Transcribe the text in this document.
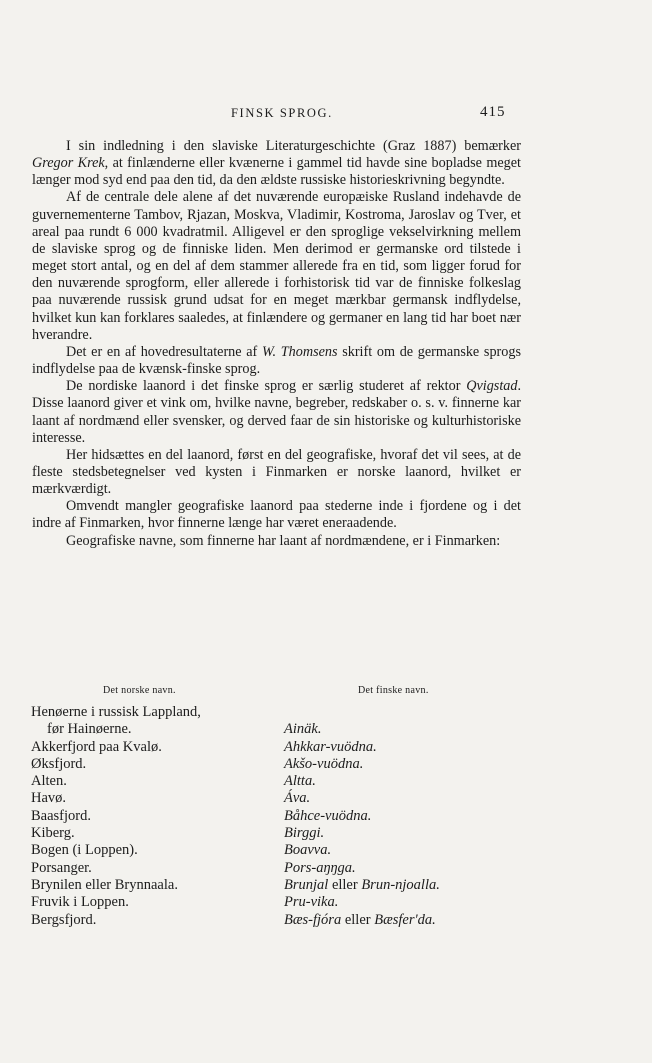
FINSK SPROG.	415

I sin indledning i den slaviske Literaturgeschichte (Graz 1887) bemærker Gregor Krek, at finlænderne eller kvænerne i gammel tid havde sine bopladse meget længer mod syd end paa den tid, da den ældste russiske historieskrivning begyndte.

Af de centrale dele alene af det nuværende europæiske Rusland indehavde de guvernementerne Tambov, Rjazan, Moskva, Vladimir, Kostroma, Jaroslav og Tver, et areal paa rundt 6 000 kvadratmil. Alligevel er den sproglige vekselvirkning mellem de slaviske sprog og de finniske liden. Men derimod er germanske ord tilstede i meget stort antal, og en del af dem stammer allerede fra en tid, som ligger forud for den nuværende sprogform, eller allerede i forhistorisk tid var de finniske folkeslag paa nuværende russisk grund udsat for en meget mærkbar germansk indflydelse, hvilket kun kan forklares saaledes, at finlændere og germaner en lang tid har boet nær hverandre.

Det er en af hovedresultaterne af W. Thomsens skrift om de germanske sprogs indflydelse paa de kvænsk-finske sprog.

De nordiske laanord i det finske sprog er særlig studeret af rektor Qvigstad. Disse laanord giver et vink om, hvilke navne, begreber, redskaber o. s. v. finnerne kar laant af nordmænd eller svensker, og derved faar de sin historiske og kulturhistoriske interesse.

Her hidsættes en del laanord, først en del geografiske, hvoraf det vil sees, at de fleste stedsbetegnelser ved kysten i Finmarken er norske laanord, hvilket er mærkværdigt.

Omvendt mangler geografiske laanord paa stederne inde i fjordene og i det indre af Finmarken, hvor finnerne længe har været eneraadende.

Geografiske navne, som finnerne har laant af nordmændene, er i Finmarken:

Det norske navn.	Det finske navn.
Henøerne i russisk Lappland,
før Hainøerne.
Akkerfjord paa Kvalø.
Øksfjord.
Alten.
Havø.
Baasfjord.
Kiberg.
Bogen (i Loppen).
Porsanger.
Brynilen eller Brynnaala.
Fruvik i Loppen.
Bergsfjord.
Ainäk.
Ahkkar-vuödna.
Akšo-vuödna.
Altta.
Áva.
Båhce-vuödna.
Birggi.
Boavva.
Pors-aŋŋga.
Brunjal eller Brun-njoalla.
Pru-vika.
Bæs-fjóra eller Bæsfer'da.
